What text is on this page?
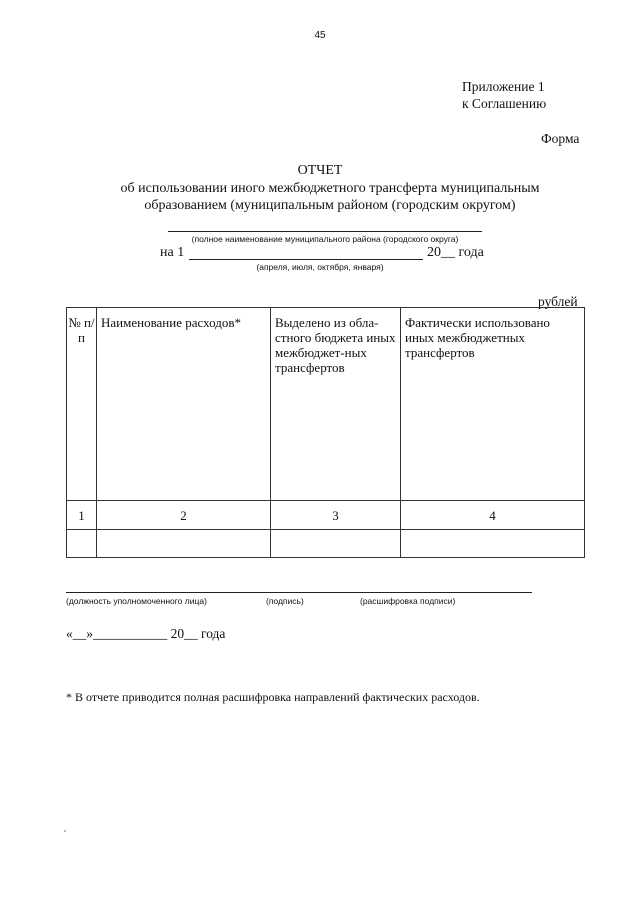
45
Приложение 1
к Соглашению
Форма
ОТЧЕТ
об использовании иного межбюджетного трансферта муниципальным
образованием (муниципальным районом (городским округом)
(полное наименование муниципального района (городского округа)
на 1	20__ года
(апреля, июля, октября, января)
рублей
№ п/п	Наименование расходов*	Выделено из обла-стного бюджета иных межбюджет-ных трансфертов	Фактически использовано иных межбюджетных трансфертов
1	2	3	4

(должность уполномоченного лица)	(подпись)	(расшифровка подписи)
«__»___________ 20__ года
* В отчете приводится полная расшифровка направлений фактических расходов.
